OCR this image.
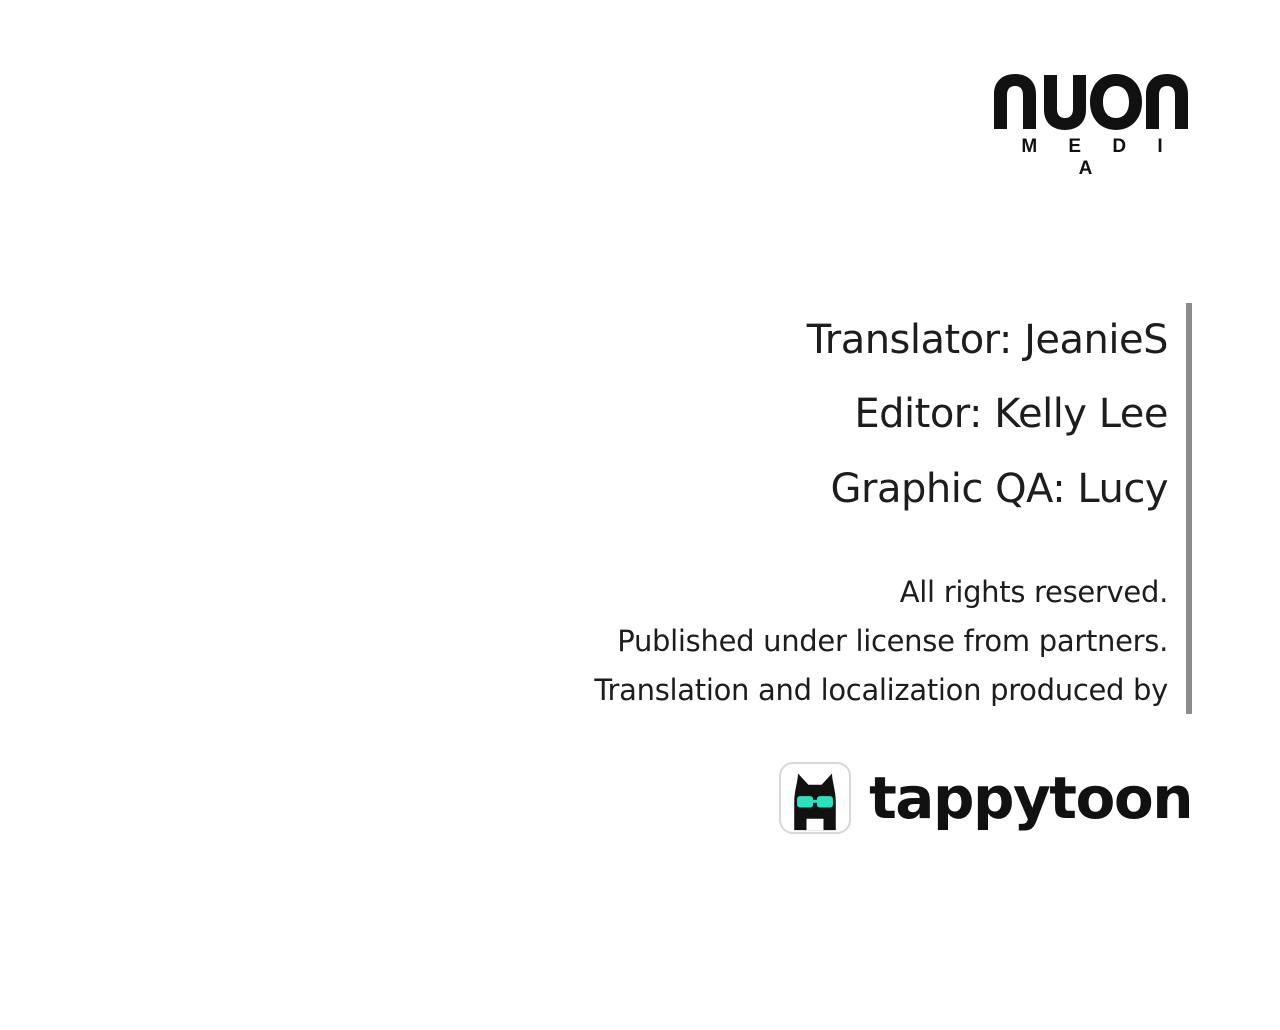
M E D I A
Translator: JeanieS
Editor: Kelly Lee
Graphic QA: Lucy
All rights reserved.
Published under license from partners.
Translation and localization produced by
tappytoon
